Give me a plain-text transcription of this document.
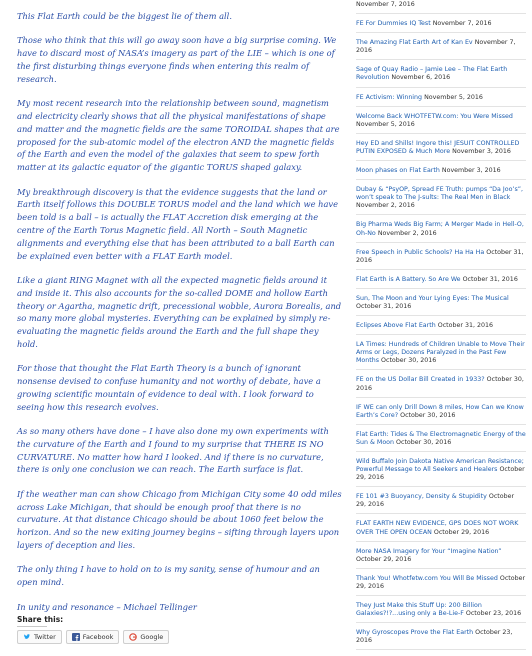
This Flat Earth could be the biggest lie of them all.

Those who think that this will go away soon have a big surprise coming. We have to discard most of NASA’s imagery as part of the LIE – which is one of the first disturbing things everyone finds when entering this realm of research.

My most recent research into the relationship between sound, magnetism and electricity clearly shows that all the physical manifestations of shape and matter and the magnetic fields are the same TOROIDAL shapes that are proposed for the sub-atomic model of the electron AND the magnetic fields of the Earth and even the model of the galaxies that seem to spew forth matter at its galactic equator of the gigantic TORUS shaped galaxy.

My breakthrough discovery is that the evidence suggests that the land or Earth itself follows this DOUBLE TORUS model and the land which we have been told is a ball – is actually the FLAT Accretion disk emerging at the centre of the Earth Torus Magnetic field. All North – South Magnetic alignments and everything else that has been attributed to a ball Earth can be explained even better with a FLAT Earth model.

Like a giant RING Magnet with all the expected magnetic fields around it and inside it. This also accounts for the so-called DOME and hollow Earth theory or Agartha, magnetic drift, precessional wobble, Aurora Borealis, and so many more global mysteries. Everything can be explained by simply re-evaluating the magnetic fields around the Earth and the full shape they hold.

For those that thought the Flat Earth Theory is a bunch of ignorant nonsense devised to confuse humanity and not worthy of debate, have a growing scientific mountain of evidence to deal with. I look forward to seeing how this research evolves.

As so many others have done – I have also done my own experiments with the curvature of the Earth and I found to my surprise that THERE IS NO CURVATURE. No matter how hard I looked. And if there is no curvature, there is only one conclusion we can reach. The Earth surface is flat.

If the weather man can show Chicago from Michigan City some 40 odd miles across Lake Michigan, that should be enough proof that there is no curvature. At that distance Chicago should be about 1060 feet below the horizon. And so the new exiting journey begins – sifting through layers upon layers of deception and lies.

The only thing I have to hold on to is my sanity, sense of humour and an open mind.

In unity and resonance – Michael Tellinger

Share this:
Twitter	Facebook	Google
November 7, 2016
FE For Dummies IQ Test November 7, 2016
The Amazing Flat Earth Art of Kan Ev November 7, 2016
Sage of Quay Radio – Jamie Lee – The Flat Earth Revolution November 6, 2016
FE Activism: Winning November 5, 2016
Welcome Back WHOTFETW.com: You Were Missed November 5, 2016
Hey ED and Shills! Ingore this! JESUIT CONTROLLED PUTIN EXPOSED & Much More November 3, 2016
Moon phases on Flat Earth November 3, 2016
Dubay & “PsyOP, Spread FE Truth: pumps “Da Joo’s”, won’t speak to The J-sults: The Real Men in Black November 2, 2016
Big Pharma Weds Big Farm; A Merger Made in Hell-O, Oh-No November 2, 2016
Free Speech in Public Schools? Ha Ha Ha October 31, 2016
Flat Earth is A Battery. So Are We October 31, 2016
Sun, The Moon and Your Lying Eyes: The Musical October 31, 2016
Eclipses Above Flat Earth October 31, 2016
LA Times: Hundreds of Children Unable to Move Their Arms or Legs, Dozens Paralyzed in the Past Few Months October 30, 2016
FE on the US Dollar Bill Created in 1933? October 30, 2016
IF WE can only Drill Down 8 miles, How Can we Know Earth’s Core? October 30, 2016
Flat Earth: Tides & The Electromagnetic Energy of the Sun & Moon October 30, 2016
Wild Buffalo Join Dakota Native American Resistance; Powerful Message to All Seekers and Healers October 29, 2016
FE 101 #3 Buoyancy, Density & Stupidity October 29, 2016
FLAT EARTH NEW EVIDENCE, GPS DOES NOT WORK OVER THE OPEN OCEAN October 29, 2016
More NASA Imagery for Your “Imagine Nation” October 29, 2016
Thank You! Whotfetw.com You Will Be Missed October 29, 2016
They Just Make this Stuff Up: 200 Billion Galaxies?!?...using only a Be-Lie-F October 23, 2016
Why Gyroscopes Prove the Flat Earth October 23, 2016
